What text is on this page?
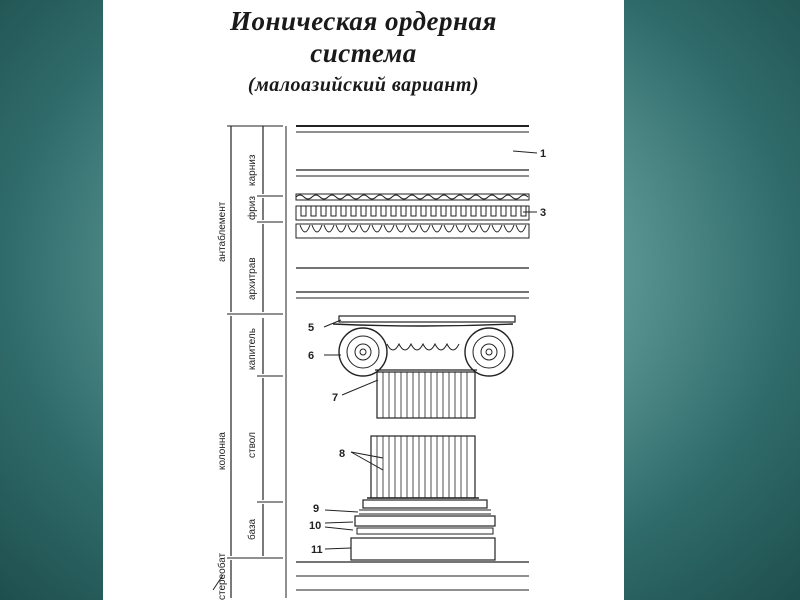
Ионическая ордерная
система
(малоазийский вариант)
антаблемент
карниз
фриз
архитрав
капитель
колонна ствол
база
стереобат
1
3
5
6
7
8
9
10
11
